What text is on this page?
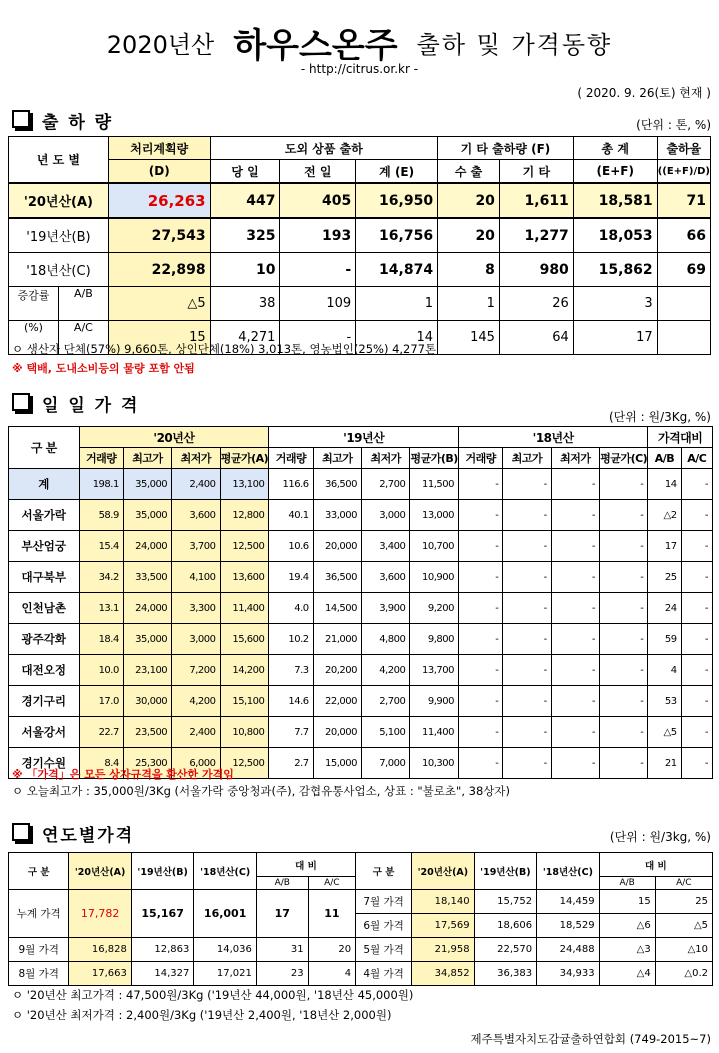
2020년산 하우스온주 출하 및 가격동향
- http://citrus.or.kr -
( 2020. 9. 26(토) 현재 )
출 하 량	(단위 : 톤, %)
년 도 별	처리계획량	도외 상품 출하			기 타 출하량 (F)		총 계	출하율
	(D)	당 일	전 일	계 (E)	수 출	기 타	(E+F)	((E+F)/D)
'20년산(A)	26,263	447	405	16,950	20	1,611	18,581	71
'19년산(B)	27,543	325	193	16,756	20	1,277	18,053	66
'18년산(C)	22,898	10	-	14,874	8	980	15,862	69

증감률 A/B	△5	38	109	1	1	26	3	

(%) A/C	15	4,271	-	14	145	64	17	
ㅇ 생산자 단체(57%) 9,660톤, 상인단체(18%) 3,013톤, 영농법인(25%) 4,277톤
※ 택배, 도내소비등의 물량 포함 안됨
일 일 가 격
(단위 : 원/3Kg, %)
구 분	'20년산				'19년산				'18년산				가격대비	
	거래량	최고가	최저가	평균가(A)	거래량	최고가	최저가	평균가(B)	거래량	최고가	최저가	평균가(C)	A/B	A/C
계	198.1	35,000	2,400	13,100	116.6	36,500	2,700	11,500	-	-	-	-	14	-
서울가락	58.9	35,000	3,600	12,800	40.1	33,000	3,000	13,000	-	-	-	-	△2	-
부산엄궁	15.4	24,000	3,700	12,500	10.6	20,000	3,400	10,700	-	-	-	-	17	-
대구북부	34.2	33,500	4,100	13,600	19.4	36,500	3,600	10,900	-	-	-	-	25	-
인천남촌	13.1	24,000	3,300	11,400	4.0	14,500	3,900	9,200	-	-	-	-	24	-
광주각화	18.4	35,000	3,000	15,600	10.2	21,000	4,800	9,800	-	-	-	-	59	-
대전오정	10.0	23,100	7,200	14,200	7.3	20,200	4,200	13,700	-	-	-	-	4	-
경기구리	17.0	30,000	4,200	15,100	14.6	22,000	2,700	9,900	-	-	-	-	53	-
서울강서	22.7	23,500	2,400	10,800	7.7	20,000	5,100	11,400	-	-	-	-	△5	-
경기수원	8.4	25,300	6,000	12,500	2.7	15,000	7,000	10,300	-	-	-	-	21	-
※ 「가격」은 모든 상자규격을 환산한 가격임
ㅇ 오늘최고가 : 35,000원/3Kg (서울가락 중앙청과(주), 감협유통사업소, 상표 : "불로초", 38상자)
연도별가격	(단위 : 원/3kg, %)
구 분	'20년산(A)	'19년산(B)	'18년산(C)	대 비		구 분	'20년산(A)	'19년산(B)	'18년산(C)	대 비	
				A/B	A/C					A/B	A/C
누계 가격	17,782	15,167	16,001	17	11	7월 가격	18,140	15,752	14,459	15	25
						6월 가격	17,569	18,606	18,529	△6	△5
9월 가격	16,828	12,863	14,036	31	20	5월 가격	21,958	22,570	24,488	△3	△10
8월 가격	17,663	14,327	17,021	23	4	4월 가격	34,852	36,383	34,933	△4	△0.2
ㅇ '20년산 최고가격 : 47,500원/3Kg ('19년산 44,000원, '18년산 45,000원)
ㅇ '20년산 최저가격 : 2,400원/3Kg ('19년산 2,400원, '18년산 2,000원)
제주특별자치도감귤출하연합회 (749-2015~7)
